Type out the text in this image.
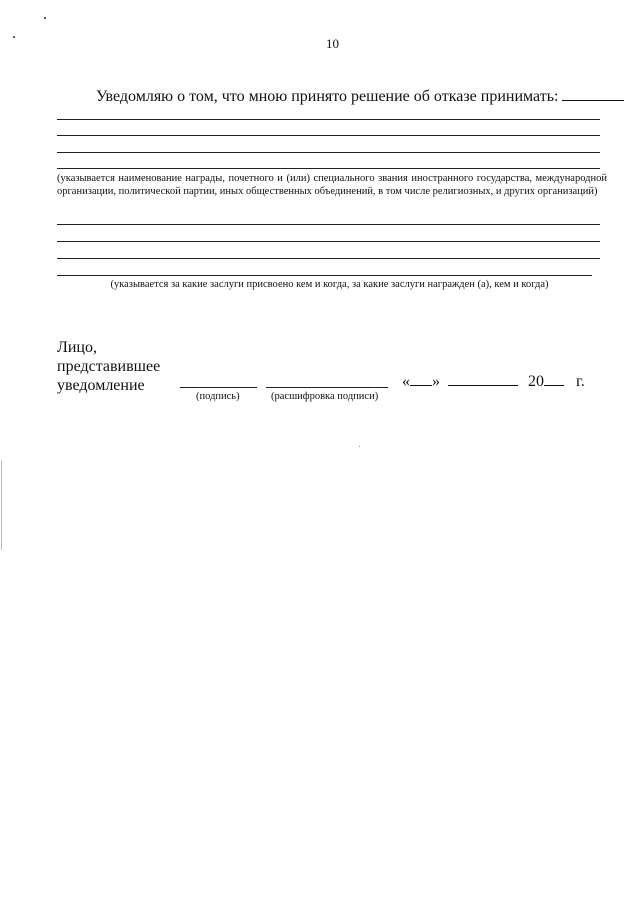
10
Уведомляю о том, что мною принято решение об отказе принимать:
(указывается наименование награды, почетного и (или) специального звания иностранного государства, международной организации, политической партии, иных общественных объединений, в том числе религиозных, и других организаций)
(указывается за какие заслуги присвоено кем и когда, за какие заслуги награжден (а), кем и когда)
Лицо,
представившее
уведомление
(подпись)	(расшифровка подписи)
« »	20 г.
